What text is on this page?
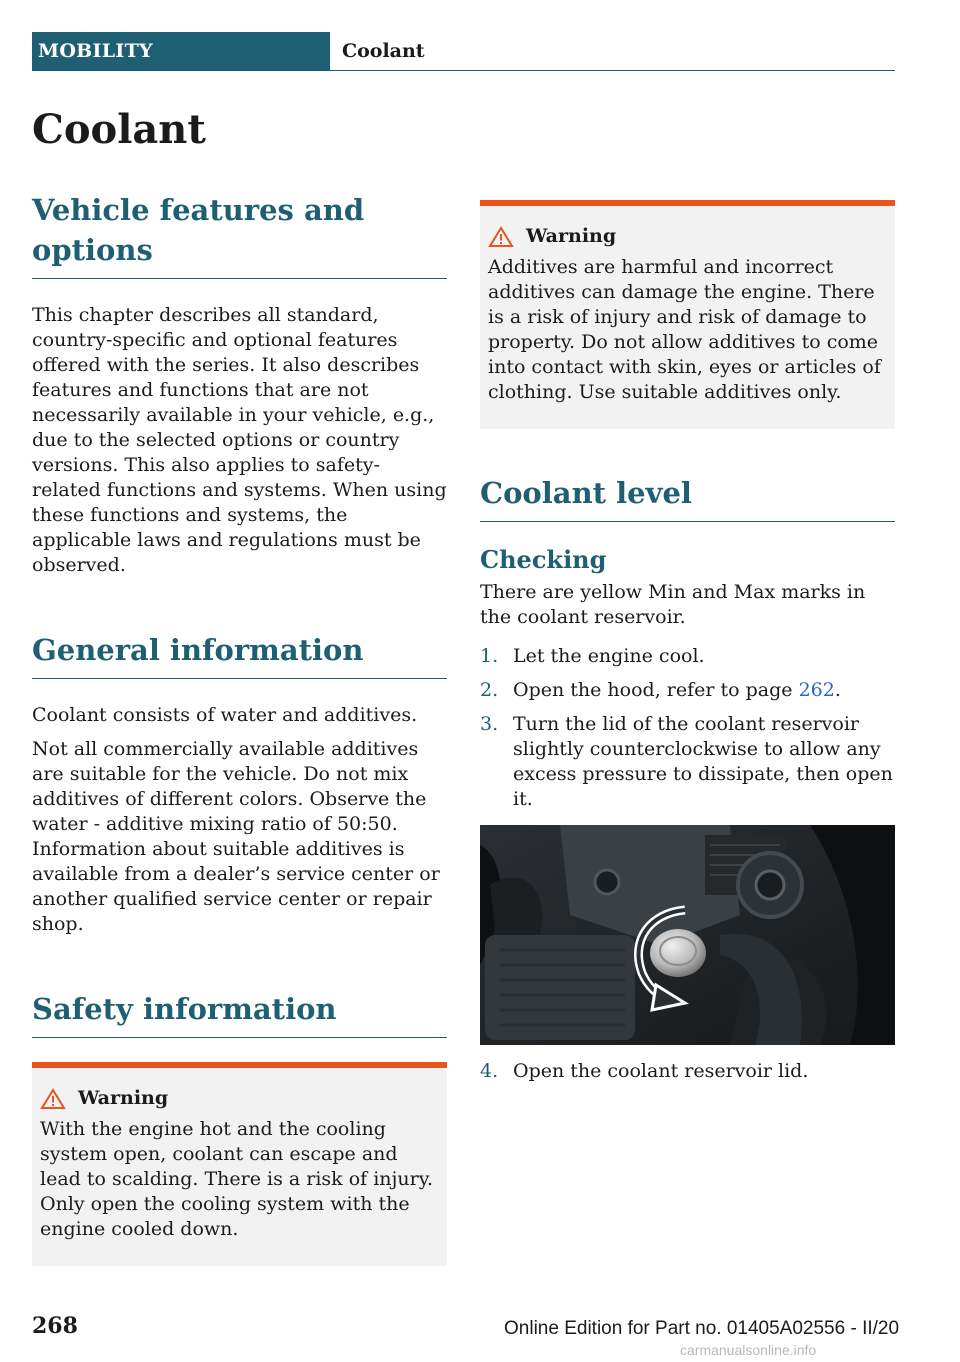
MOBILITY	Coolant
Coolant
Vehicle features and options

This chapter describes all standard, country-specific and optional features offered with the series. It also describes features and functions that are not necessarily available in your vehicle, e.g., due to the selected options or country versions. This also applies to safety-related functions and systems. When using these functions and systems, the applicable laws and regulations must be observed.

General information

Coolant consists of water and additives.

Not all commercially available additives are suitable for the vehicle. Do not mix additives of different colors. Observe the water - additive mixing ratio of 50:50. Information about suitable additives is available from a dealer’s service center or another qualified service center or repair shop.

Safety information
Warning

With the engine hot and the cooling system open, coolant can escape and lead to scalding. There is a risk of injury. Only open the cooling system with the engine cooled down.

Warning

Additives are harmful and incorrect additives can damage the engine. There is a risk of injury and risk of damage to property. Do not allow additives to come into contact with skin, eyes or articles of clothing. Use suitable additives only.

Coolant level
Checking

There are yellow Min and Max marks in the coolant reservoir.

1. Let the engine cool.
2. Open the hood, refer to page 262.
3. Turn the lid of the coolant reservoir slightly counterclockwise to allow any excess pressure to dissipate, then open it.
4. Open the coolant reservoir lid.
268	Online Edition for Part no. 01405A02556 - II/20
carmanualsonline.info
